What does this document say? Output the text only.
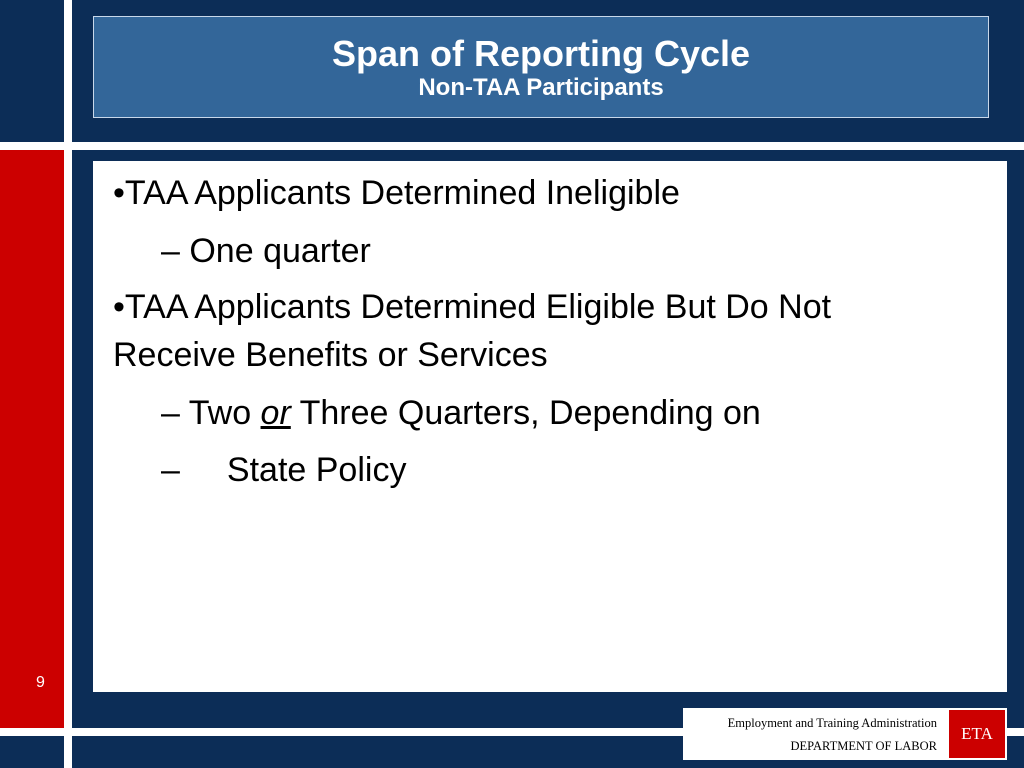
Span of Reporting Cycle
Non-TAA Participants
•TAA Applicants Determined Ineligible
– One quarter
•TAA Applicants Determined Eligible But Do Not
Receive Benefits or Services
– Two or Three Quarters, Depending on
– State Policy
9
Employment and Training Administration
DEPARTMENT OF LABOR
ETA
